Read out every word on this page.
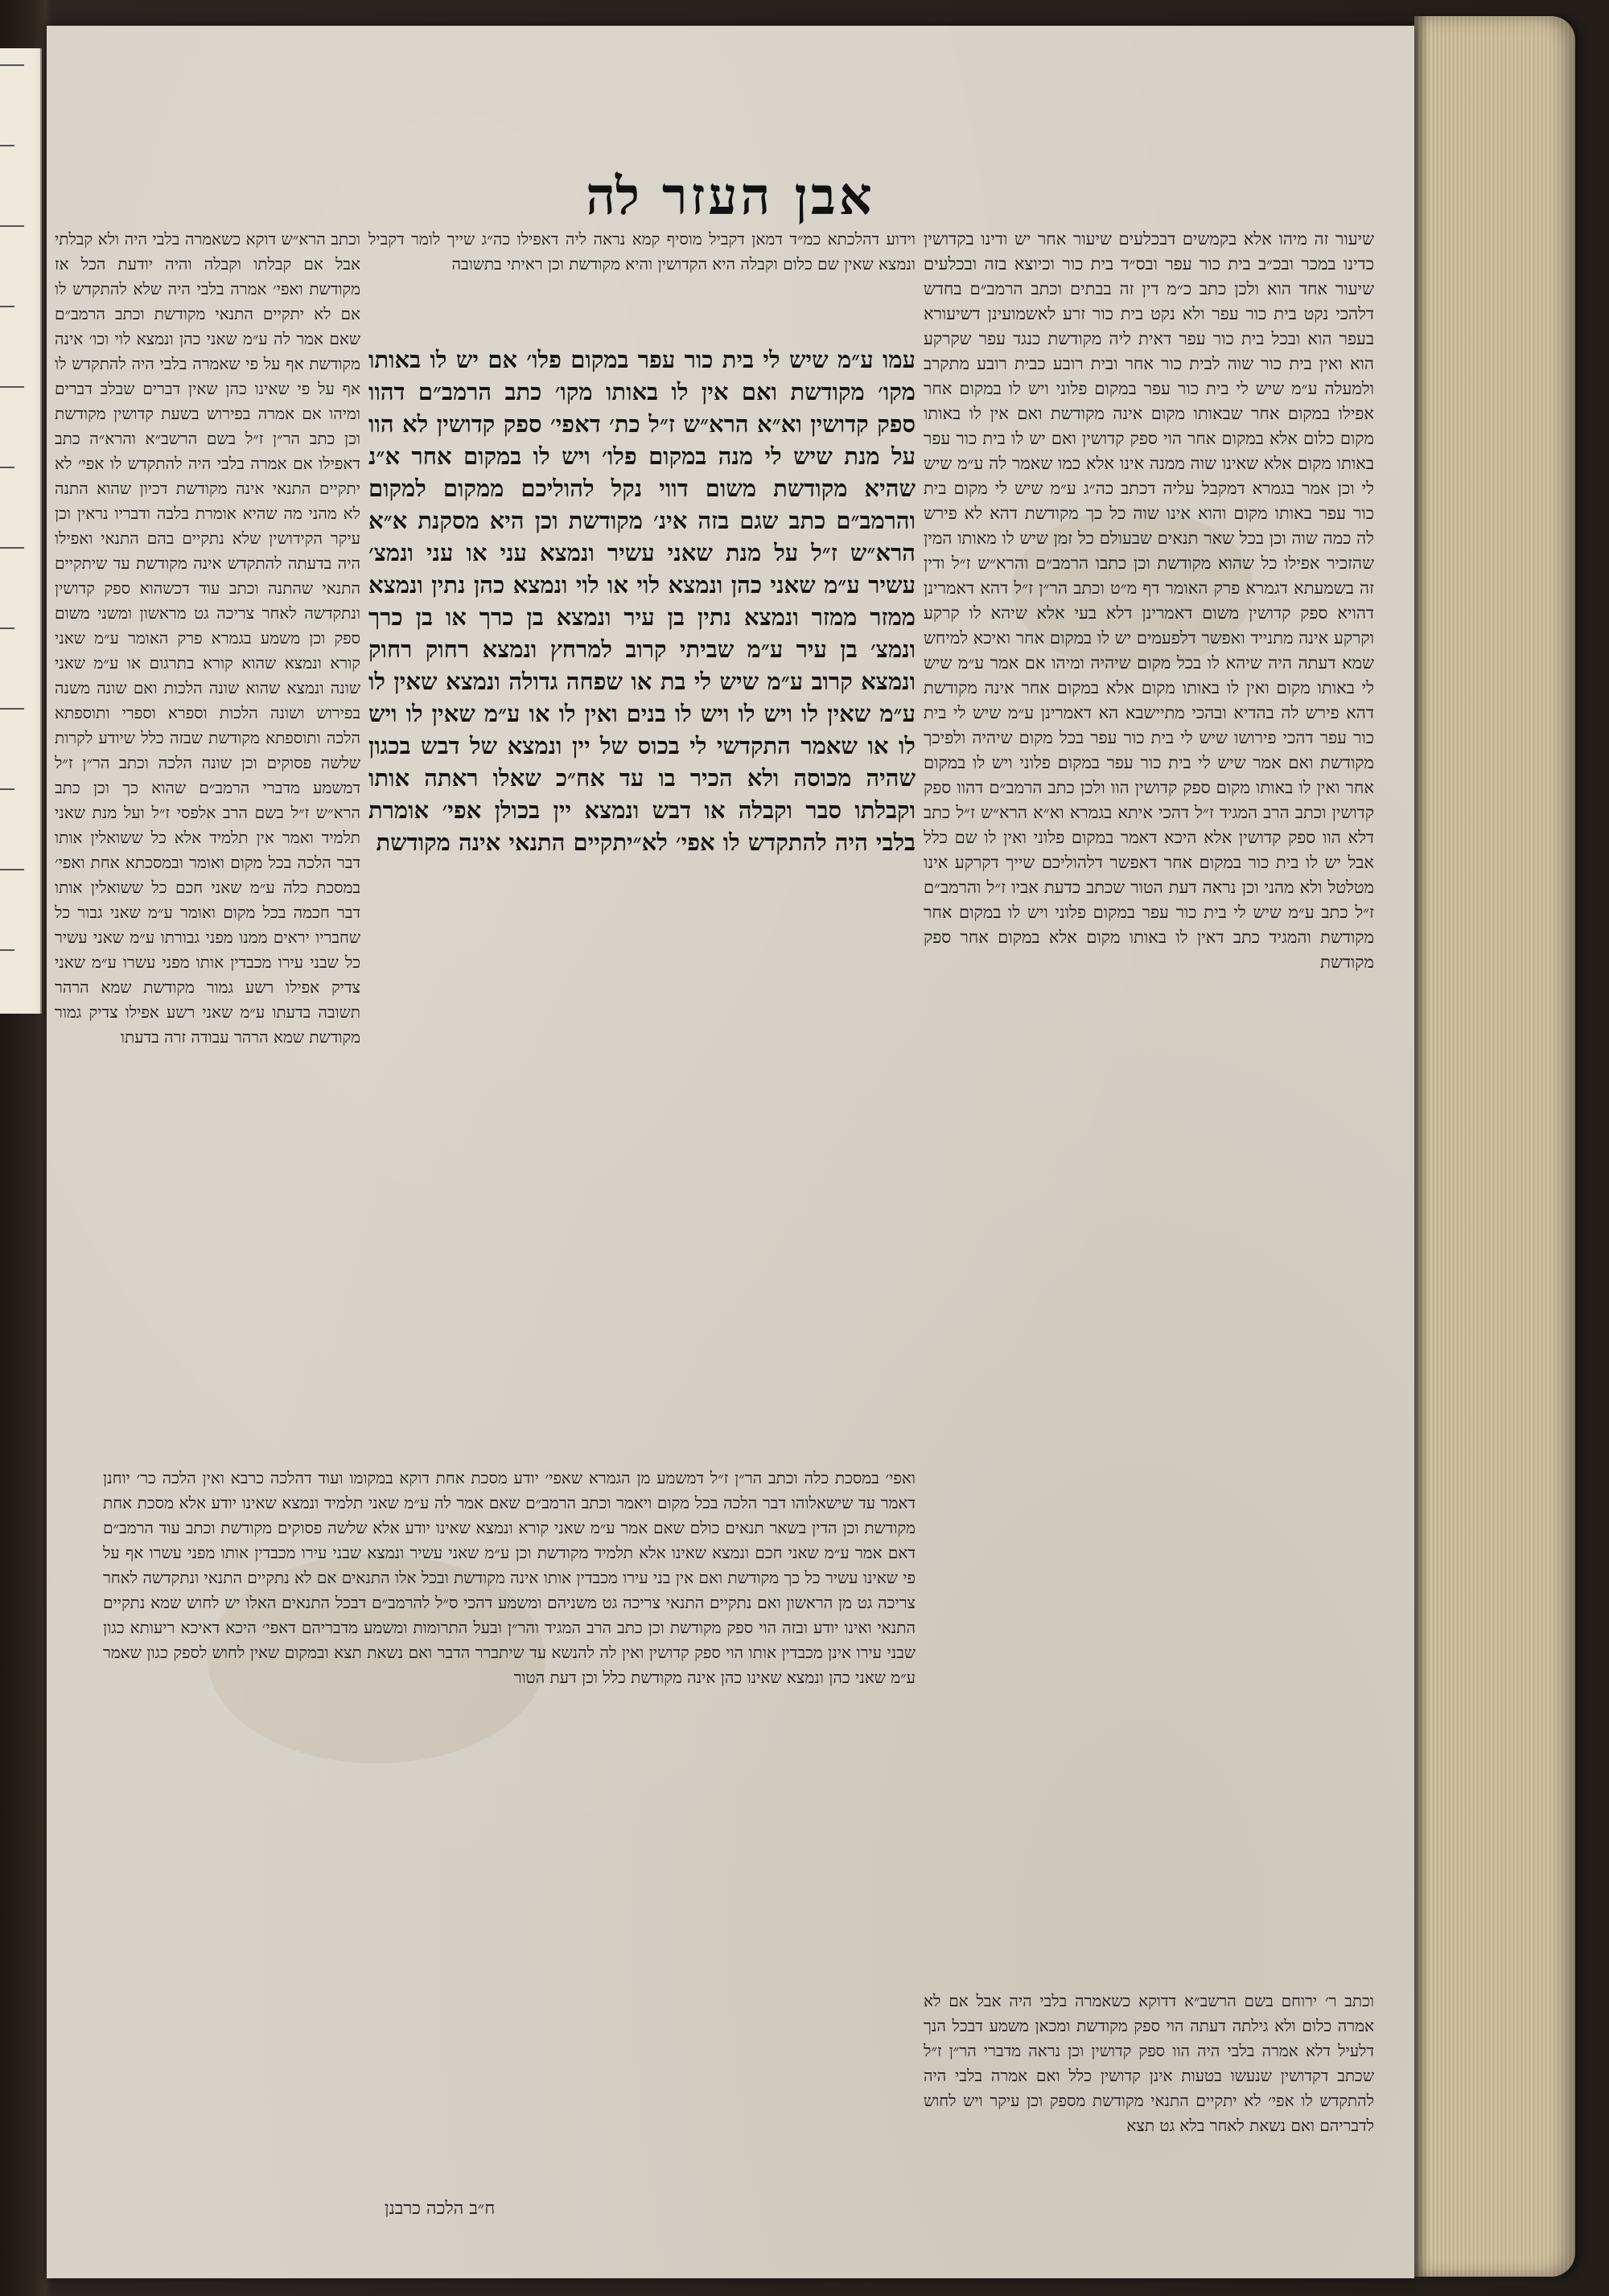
אבן העזר לה
שיעור זה מיהו אלא בקמשים דבכלעים שיעור אחר יש ודינו בקדושין כדינו במכר ובכ״ב בית כור עפר ובס״ד בית כור וכיוצא בזה ובכלעים שיעור אחד הוא ולכן כתב כ״מ דין זה בבתים וכתב הרמב״ם בחדש דלהכי נקט בית כור עפר ולא נקט בית כור זרע לאשמועינן דשיעורא בעפר הוא ובכל בית כור עפר דאית ליה מקודשת כנגד עפר שקרקע הוא ואין בית כור שוה לבית כור אחר ובית רובע כבית רובע מתקרב ולמעלה ע״מ שיש לי בית כור עפר במקום פלוני ויש לו במקום אחר אפילו במקום אחר שבאותו מקום אינה מקודשת ואם אין לו באותו מקום כלום אלא במקום אחר הוי ספק קדושין ואם יש לו בית כור עפר באותו מקום אלא שאינו שוה ממנה אינו אלא כמו שאמר לה ע״מ שיש לי וכן אמר בגמרא דמקבל עליה דכתב כה״ג ע״מ שיש לי מקום בית כור עפר באותו מקום והוא אינו שוה כל כך מקודשת דהא לא פירש לה כמה שוה וכן בכל שאר תנאים שבעולם כל זמן שיש לו מאותו המין שהזכיר אפילו כל שהוא מקודשת וכן כתבו הרמב״ם והרא״ש ז״ל ודין זה בשמעתא דגמרא פרק האומר דף מ״ט וכתב הר״ן ז״ל דהא דאמרינן דהויא ספק קדושין משום דאמרינן דלא בעי אלא שיהא לו קרקע וקרקע אינה מתנייד ואפשר דלפעמים יש לו במקום אחר ואיכא למיחש שמא דעתה היה שיהא לו בכל מקום שיהיה ומיהו אם אמר ע״מ שיש לי באותו מקום ואין לו באותו מקום אלא במקום אחר אינה מקודשת דהא פירש לה בהדיא ובהכי מתיישבא הא דאמרינן ע״מ שיש לי בית כור עפר דהכי פירושו שיש לי בית כור עפר בכל מקום שיהיה ולפיכך מקודשת ואם אמר שיש לי בית כור עפר במקום פלוני ויש לו במקום אחר ואין לו באותו מקום ספק קדושין הוו ולכן כתב הרמב״ם דהוו ספק קדושין וכתב הרב המגיד ז״ל דהכי איתא בגמרא וא״א הרא״ש ז״ל כתב דלא הוו ספק קדושין אלא היכא דאמר במקום פלוני ואין לו שם כלל אבל יש לו בית כור במקום אחר דאפשר דלהוליכם שייך דקרקע אינו מטלטל ולא מהני וכן נראה דעת הטור שכתב כדעת אביו ז״ל והרמב״ם ז״ל כתב ע״מ שיש לי בית כור עפר במקום פלוני ויש לו במקום אחר מקודשת והמגיד כתב דאין לו באותו מקום אלא במקום אחר ספק מקודשת
וידוע דהלכתא כמ״ד דמאן דקביל מוסיף קמא נראה ליה דאפילו כה״ג שייך לומר דקביל ונמצא שאין שם כלום וקבלה היא הקדושין והיא מקודשת וכן ראיתי בתשובה
עמו ע״מ שיש לי בית כור עפר במקום פלו׳ אם יש לו באותו מקו׳ מקודשת ואם אין לו באותו מקו׳ כתב הרמב״ם דהוו ספק קדושין וא״א הרא״ש ז״ל כת׳ דאפי׳ ספק קדושין לא הוו על מנת שיש לי מנה במקום פלו׳ ויש לו במקום אחר א״נ שהיא מקודשת משום דווי נקל להוליכם ממקום למקום והרמב״ם כתב שגם בזה אינ׳ מקודשת וכן היא מסקנת א״א הרא״ש ז״ל על מנת שאני עשיר ונמצא עני או עני ונמצ׳ עשיר ע״מ שאני כהן ונמצא לוי או לוי ונמצא כהן נתין ונמצא ממזר ממזר ונמצא נתין בן עיר ונמצא בן כרך או בן כרך ונמצ׳ בן עיר ע״מ שביתי קרוב למרחץ ונמצא רחוק רחוק ונמצא קרוב ע״מ שיש לי בת או שפחה גדולה ונמצא שאין לו ע״מ שאין לו ויש לו ויש לו בנים ואין לו או ע״מ שאין לו ויש לו או שאמר התקדשי לי בכוס של יין ונמצא של דבש בכגון שהיה מכוסה ולא הכיר בו עד אח״כ שאלו ראתה אותו וקבלתו סבר וקבלה או דבש ונמצא יין בכולן אפי׳ אומרת בלבי היה להתקדש לו אפי׳ לא״יתקיים התנאי אינה מקודשת
וכתב הרא״ש דוקא כשאמרה בלבי היה ולא קבלתי אבל אם קבלתו וקבלה והיה יודעת הכל אז מקודשת ואפי׳ אמרה בלבי היה שלא להתקדש לו אם לא יתקיים התנאי מקודשת וכתב הרמב״ם שאם אמר לה ע״מ שאני כהן ונמצא לוי וכו׳ אינה מקודשת אף על פי שאמרה בלבי היה להתקדש לו אף על פי שאינו כהן שאין דברים שבלב דברים ומיהו אם אמרה בפירוש בשעת קדושין מקודשת וכן כתב הר״ן ז״ל בשם הרשב״א והרא״ה כתב דאפילו אם אמרה בלבי היה להתקדש לו אפי׳ לא יתקיים התנאי אינה מקודשת דכיון שהוא התנה לא מהני מה שהיא אומרת בלבה ודבריו נראין וכן עיקר הקידושין שלא נתקיים בהם התנאי ואפילו היה בדעתה להתקדש אינה מקודשת עד שיתקיים התנאי שהתנה וכתב עוד דכשהוא ספק קדושין ונתקדשה לאחר צריכה גט מראשון ומשני משום ספק וכן משמע בגמרא פרק האומר ע״מ שאני קורא ונמצא שהוא קורא בתרגום או ע״מ שאני שונה ונמצא שהוא שונה הלכות ואם שונה משנה בפירוש ושונה הלכות וספרא וספרי ותוספתא הלכה ותוספתא מקודשת שבזה כלל שיודע לקרות שלשה פסוקים וכן שונה הלכה וכתב הר״ן ז״ל דמשמע מדברי הרמב״ם שהוא כך וכן כתב הרא״ש ז״ל בשם הרב אלפסי ז״ל ועל מנת שאני תלמיד ואמר אין תלמיד אלא כל ששואלין אותו דבר הלכה בכל מקום ואומר ובמסכתא אחת ואפי׳ במסכת כלה ע״מ שאני חכם כל ששואלין אותו דבר חכמה בכל מקום ואומר ע״מ שאני גבור כל שחבריו יראים ממנו מפני גבורתו ע״מ שאני עשיר כל שבני עירו מכבדין אותו מפני עשרו ע״מ שאני צדיק אפילו רשע גמור מקודשת שמא הרהר תשובה בדעתו ע״מ שאני רשע אפילו צדיק גמור מקודשת שמא הרהר עבודה זרה בדעתו
ואפי׳ במסכת כלה וכתב הר״ן ז״ל דמשמע מן הגמרא שאפי׳ יודע מסכת אחת דוקא במקומו ועוד דהלכה כרבא ואין הלכה כר׳ יוחנן דאמר עד שישאלוהו דבר הלכה בכל מקום ויאמר וכתב הרמב״ם שאם אמר לה ע״מ שאני תלמיד ונמצא שאינו יודע אלא מסכת אחת מקודשת וכן הדין בשאר תנאים כולם שאם אמר ע״מ שאני קורא ונמצא שאינו יודע אלא שלשה פסוקים מקודשת וכתב עוד הרמב״ם דאם אמר ע״מ שאני חכם ונמצא שאינו אלא תלמיד מקודשת וכן ע״מ שאני עשיר ונמצא שבני עירו מכבדין אותו מפני עשרו אף על פי שאינו עשיר כל כך מקודשת ואם אין בני עירו מכבדין אותו אינה מקודשת ובכל אלו התנאים אם לא נתקיים התנאי ונתקדשה לאחר צריכה גט מן הראשון ואם נתקיים התנאי צריכה גט משניהם ומשמע דהכי ס״ל להרמב״ם דבכל התנאים האלו יש לחוש שמא נתקיים התנאי ואינו יודע ובזה הוי ספק מקודשת וכן כתב הרב המגיד והר״ן ובעל התרומות ומשמע מדבריהם דאפי׳ היכא דאיכא ריעותא כגון שבני עירו אינן מכבדין אותו הוי ספק קדושין ואין לה להנשא עד שיתברר הדבר ואם נשאת תצא ובמקום שאין לחוש לספק כגון שאמר ע״מ שאני כהן ונמצא שאינו כהן אינה מקודשת כלל וכן דעת הטור
וכתב ר׳ ירוחם בשם הרשב״א דדוקא כשאמרה בלבי היה אבל אם לא אמרה כלום ולא גילתה דעתה הוי ספק מקודשת ומכאן משמע דבכל הנך דלעיל דלא אמרה בלבי היה הוו ספק קדושין וכן נראה מדברי הר״ן ז״ל שכתב דקדושין שנעשו בטעות אינן קדושין כלל ואם אמרה בלבי היה להתקדש לו אפי׳ לא יתקיים התנאי מקודשת מספק וכן עיקר ויש לחוש לדבריהם ואם נשאת לאחר בלא גט תצא
ח״ב הלכה כרבנן
